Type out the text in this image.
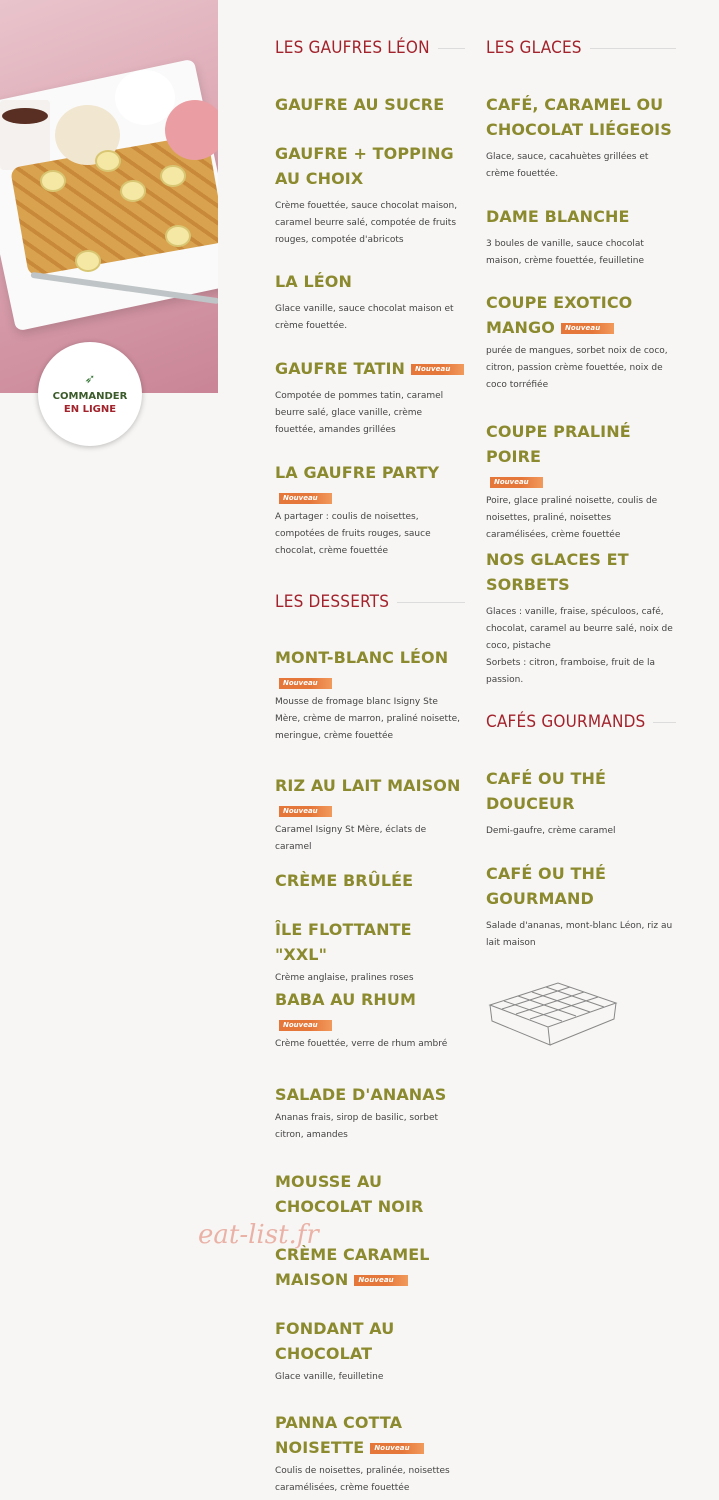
➶
COMMANDER
EN LIGNE
LES GAUFRES LÉON
GAUFRE AU SUCRE
GAUFRE + TOPPING AU CHOIX
Crème fouettée, sauce chocolat maison, caramel beurre salé, compotée de fruits rouges, compotée d'abricots
LA LÉON
Glace vanille, sauce chocolat maison et crème fouettée.
GAUFRE TATIN Nouveau
Compotée de pommes tatin, caramel beurre salé, glace vanille, crème fouettée, amandes grillées
LA GAUFRE PARTY
Nouveau
A partager : coulis de noisettes, compotées de fruits rouges, sauce chocolat, crème fouettée
LES DESSERTS
MONT-BLANC LÉON
Nouveau
Mousse de fromage blanc Isigny Ste Mère, crème de marron, praliné noisette, meringue, crème fouettée
RIZ AU LAIT MAISON
Nouveau
Caramel Isigny St Mère, éclats de caramel
CRÈME BRÛLÉE
ÎLE FLOTTANTE "XXL"
Crème anglaise, pralines roses
BABA AU RHUM
Nouveau
Crème fouettée, verre de rhum ambré
SALADE D'ANANAS
Ananas frais, sirop de basilic, sorbet citron, amandes
MOUSSE AU CHOCOLAT NOIR
CRÈME CARAMEL MAISON Nouveau
FONDANT AU CHOCOLAT
Glace vanille, feuilletine
PANNA COTTA NOISETTE Nouveau
Coulis de noisettes, pralinée, noisettes caramélisées, crème fouettée
LES GLACES
CAFÉ, CARAMEL OU CHOCOLAT LIÉGEOIS
Glace, sauce, cacahuètes grillées et crème fouettée.
DAME BLANCHE
3 boules de vanille, sauce chocolat maison, crème fouettée, feuilletine
COUPE EXOTICO MANGO Nouveau
purée de mangues, sorbet noix de coco, citron, passion crème fouettée, noix de coco torréfiée
COUPE PRALINÉ POIRE
Nouveau
Poire, glace praliné noisette, coulis de noisettes, praliné, noisettes caramélisées, crème fouettée
NOS GLACES ET SORBETS
Glaces : vanille, fraise, spéculoos, café, chocolat, caramel au beurre salé, noix de coco, pistache
Sorbets : citron, framboise, fruit de la passion.
CAFÉS GOURMANDS
CAFÉ OU THÉ DOUCEUR
Demi-gaufre, crème caramel
CAFÉ OU THÉ GOURMAND
Salade d'ananas, mont-blanc Léon, riz au lait maison
eat-list.fr
